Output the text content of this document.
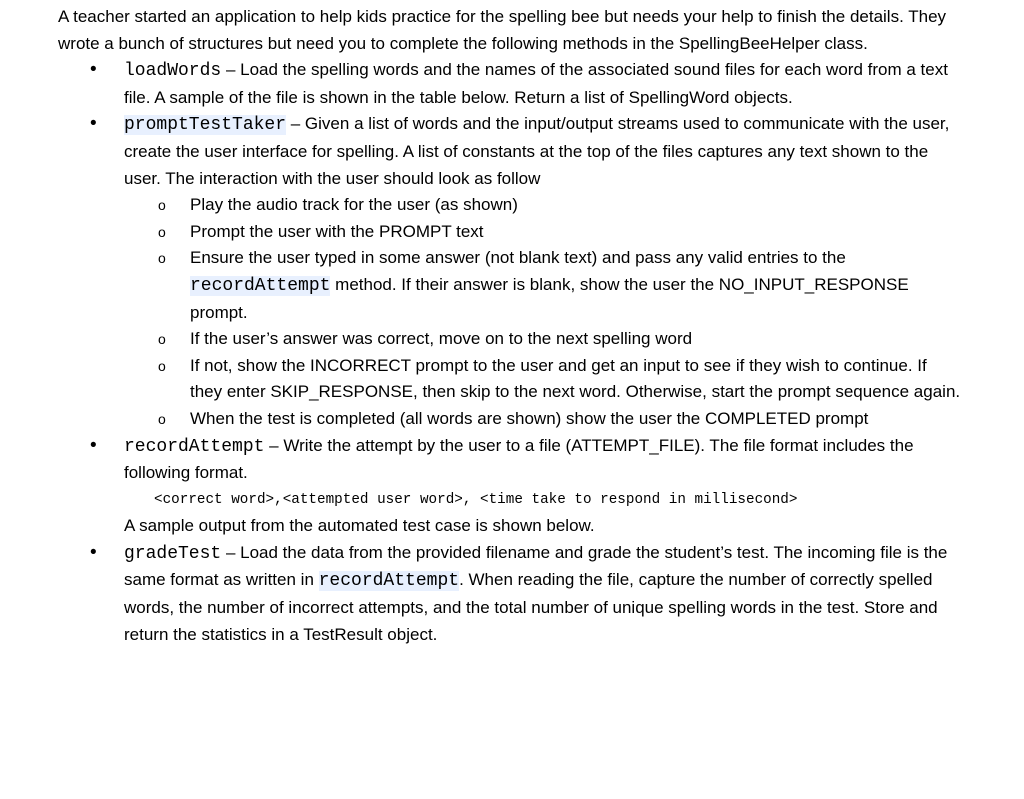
A teacher started an application to help kids practice for the spelling bee but needs your help to finish the details. They wrote a bunch of structures but need you to complete the following methods in the SpellingBeeHelper class.

• loadWords – Load the spelling words and the names of the associated sound files for each word from a text file. A sample of the file is shown in the table below. Return a list of SpellingWord objects.
• promptTestTaker – Given a list of words and the input/output streams used to communicate with the user, create the user interface for spelling. A list of constants at the top of the files captures any text shown to the user. The interaction with the user should look as follow
o Play the audio track for the user (as shown)
o Prompt the user with the PROMPT text
o Ensure the user typed in some answer (not blank text) and pass any valid entries to the recordAttempt method. If their answer is blank, show the user the NO_INPUT_RESPONSE prompt.
o If the user’s answer was correct, move on to the next spelling word
o If not, show the INCORRECT prompt to the user and get an input to see if they wish to continue. If they enter SKIP_RESPONSE, then skip to the next word. Otherwise, start the prompt sequence again.
o When the test is completed (all words are shown) show the user the COMPLETED prompt
• recordAttempt – Write the attempt by the user to a file (ATTEMPT_FILE). The file format includes the following format.
<correct word>,<attempted user word>, <time take to respond in millisecond>
A sample output from the automated test case is shown below.
• gradeTest – Load the data from the provided filename and grade the student’s test. The incoming file is the same format as written in recordAttempt. When reading the file, capture the number of correctly spelled words, the number of incorrect attempts, and the total number of unique spelling words in the test. Store and return the statistics in a TestResult object.
